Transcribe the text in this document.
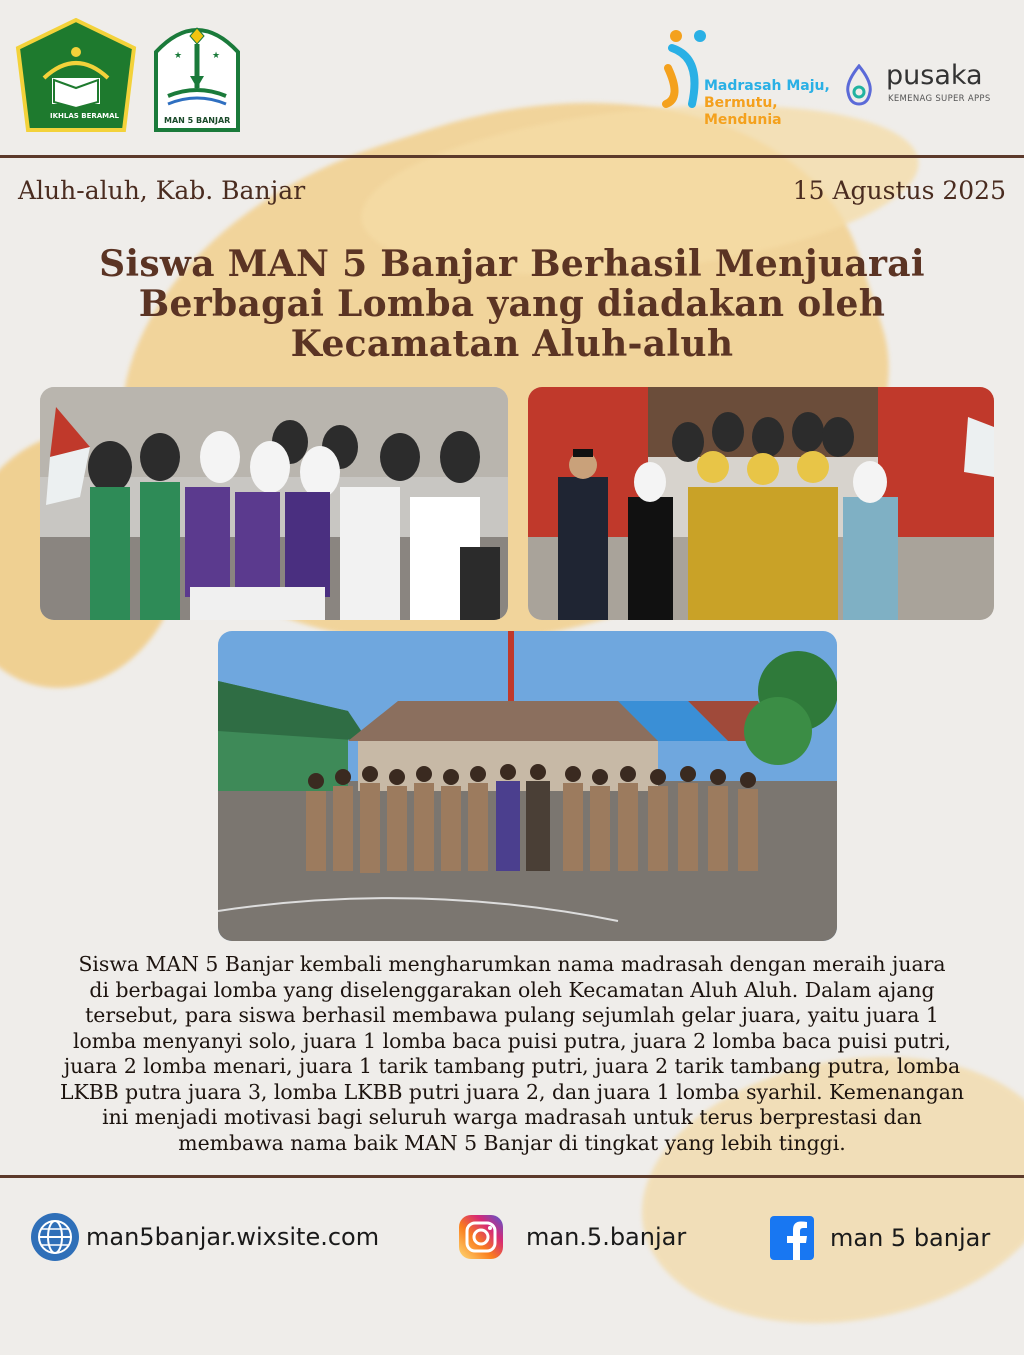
IKHLAS BERAMAL
★	★
MAN 5 BANJAR
Madrasah Maju,
Bermutu,
Mendunia
pusaka
KEMENAG SUPER APPS
Aluh-aluh, Kab. Banjar	15 Agustus 2025
Siswa MAN 5 Banjar Berhasil Menjuarai
Berbagai Lomba yang diadakan oleh
Kecamatan Aluh-aluh
Siswa MAN 5 Banjar kembali mengharumkan nama madrasah dengan meraih juara
di berbagai lomba yang diselenggarakan oleh Kecamatan Aluh Aluh. Dalam ajang
tersebut, para siswa berhasil membawa pulang sejumlah gelar juara, yaitu juara 1
lomba menyanyi solo, juara 1 lomba baca puisi putra, juara 2 lomba baca puisi putri,
juara 2 lomba menari, juara 1 tarik tambang putri, juara 2 tarik tambang putra, lomba
LKBB putra juara 3, lomba LKBB putri juara 2, dan juara 1 lomba syarhil. Kemenangan
ini menjadi motivasi bagi seluruh warga madrasah untuk terus berprestasi dan
membawa nama baik MAN 5 Banjar di tingkat yang lebih tinggi.
man5banjar.wixsite.com	man.5.banjar	man 5 banjar
